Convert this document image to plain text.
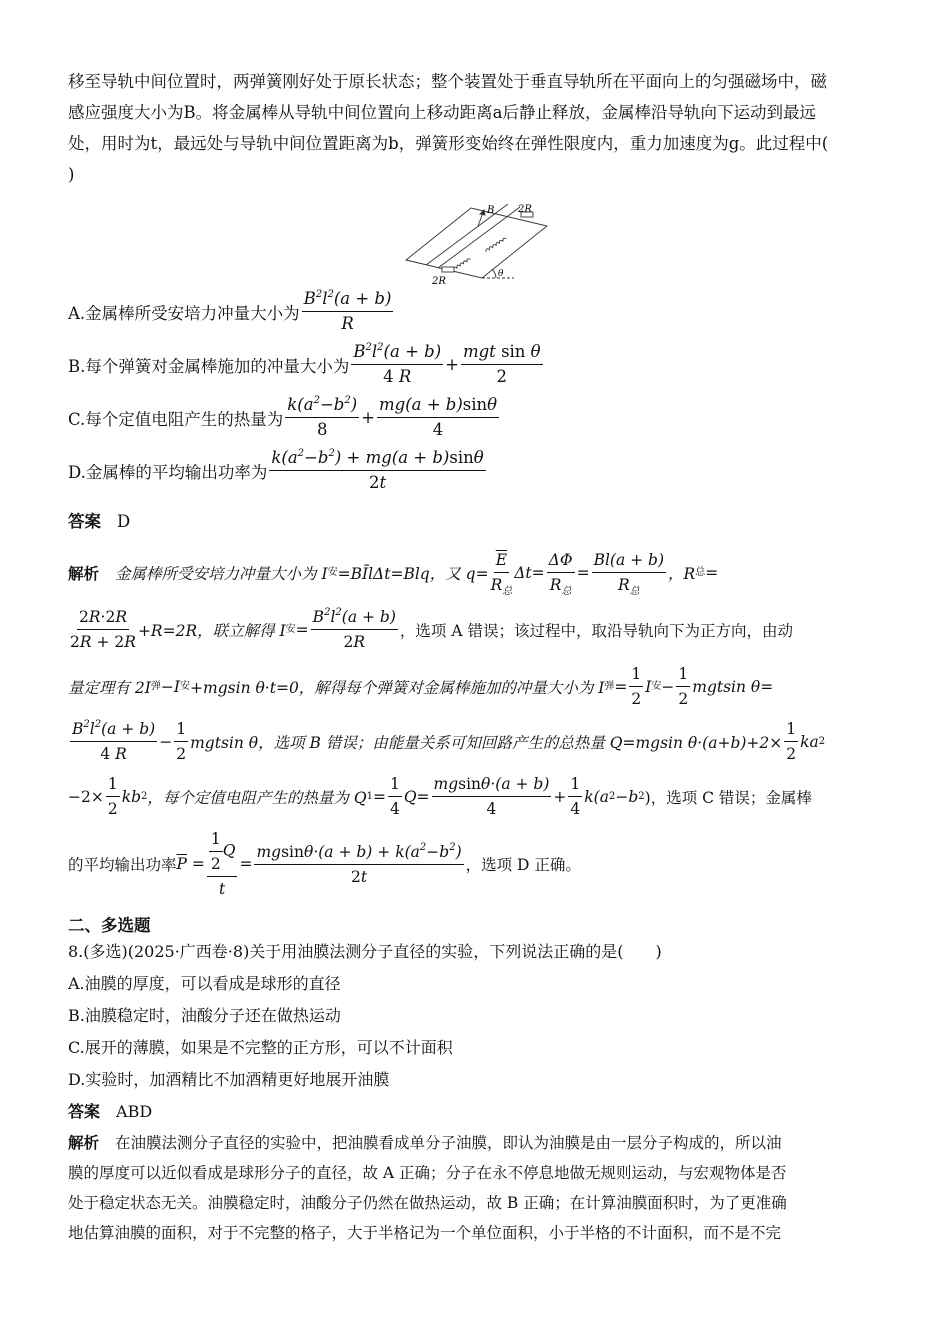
移至导轨中间位置时，两弹簧刚好处于原长状态；整个装置处于垂直导轨所在平面向上的匀强磁场中，磁

感应强度大小为B。将金属棒从导轨中间位置向上移动距离a后静止释放，金属棒沿导轨向下运动到最远

处，用时为t，最远处与导轨中间位置距离为b，弹簧形变始终在弹性限度内，重力加速度为g。此过程中(

)

B 2R
2R
θ
A.金属棒所受安培力冲量大小为 $\frac{B^2l^2(a + b)}{R}$
B.每个弹簧对金属棒施加的冲量大小为 $\frac{B^2l^2(a + b)}{4 R} + \frac{\text{mgt sin θ}}{2}$
C.每个定值电阻产生的热量为 $\frac{k(a^2-b^2)}{8} + \frac{mg(a + b)\sin\theta}{4}$
D.金属棒的平均输出功率为 $\frac{k(a^2-b^2) + mg(a + b)\sin\theta}{2t}$

答案 D

解析 金属棒所受安培力冲量大小为 I 安 =BĪlΔt=Blq，又 $q= \frac{\overline{E}}{R_总} \Delta t= \frac{\Delta\Phi}{R_总} = \frac{Bl(a + b)}{R_总}$ ，R 总 =
$\frac{2R\cdot 2R}{2R + 2R} +R=2R$，联立解得 I 安 = $\frac{B^2l^2(a + b)}{2R}$ ，选项 A 错误；该过程中，取沿导轨向下为正方向，由动
量定理有 2I 弹 −I 安 +mgsin θ·t=0，解得每个弹簧对金属棒施加的冲量大小为 I 弹 = $\frac{1}{2}$ I 安 − $\frac{1}{2}$ mgtsin θ=
$\frac{B^2l^2(a + b)}{4 R} - \frac{1}{2}$ mgtsin θ，选项 B 错误；由能量关系可知回路产生的总热量 Q=mgsin $\theta\cdot(a+b)+2\times \frac{1}{2}$ ka 2
$-2\times \frac{1}{2}$ kb 2 ，每个定值电阻产生的热量为 Q $1 = \frac{1}{4} Q= \frac{mgsin\theta\cdot(a + b)}{4} + \frac{1}{4} k(a$ 2 −b 2 )，选项 C 错误；金属棒
的平均输出功率 $\overline{P} = \frac{\frac{1}{2} Q}{t} = \frac{mgsin\theta\cdot(a + b) + k(a^2-b^2)}{2t}$ ，选项 D 正确。

二、多选题

8.(多选)(2025·广西卷·8)关于用油膜法测分子直径的实验，下列说法正确的是(　　)

A.油膜的厚度，可以看成是球形的直径

B.油膜稳定时，油酸分子还在做热运动

C.展开的薄膜，如果是不完整的正方形，可以不计面积

D.实验时，加酒精比不加酒精更好地展开油膜

答案 ABD

解析 在油膜法测分子直径的实验中，把油膜看成单分子油膜，即认为油膜是由一层分子构成的，所以油

膜的厚度可以近似看成是球形分子的直径，故 A 正确；分子在永不停息地做无规则运动，与宏观物体是否

处于稳定状态无关。油膜稳定时，油酸分子仍然在做热运动，故 B 正确；在计算油膜面积时，为了更准确

地估算油膜的面积，对于不完整的格子，大于半格记为一个单位面积，小于半格的不计面积，而不是不完
